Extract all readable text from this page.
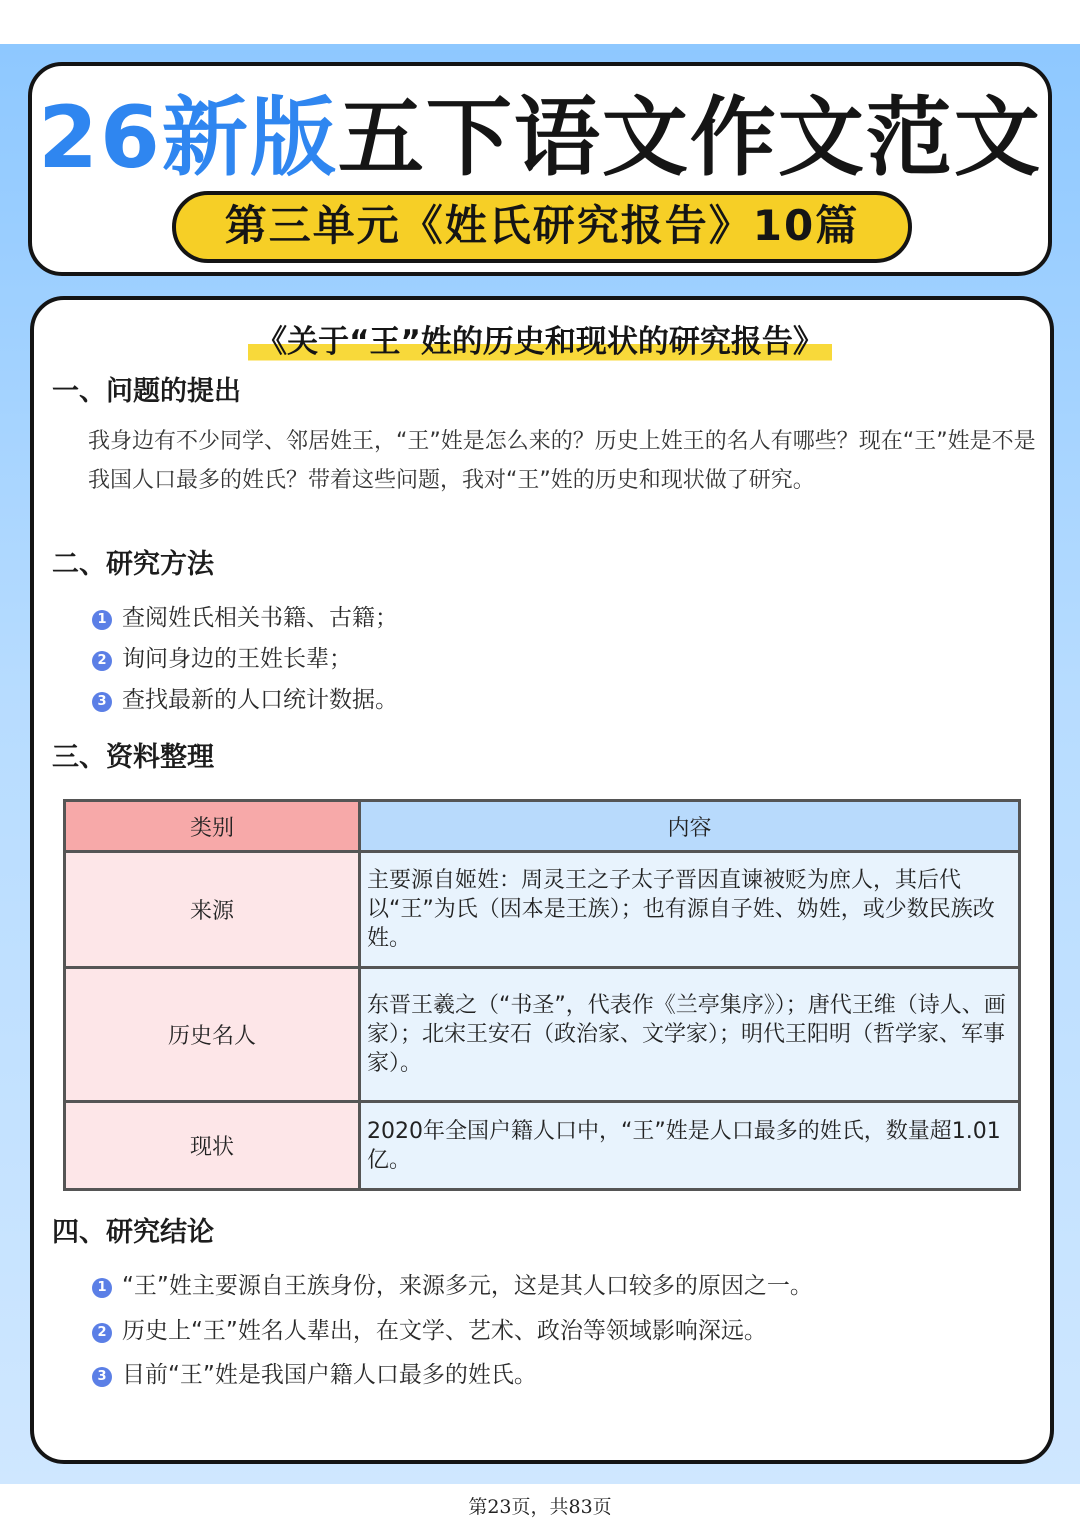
26新版五下语文作文范文
第三单元《姓氏研究报告》10篇
《关于“王”姓的历史和现状的研究报告》
一、问题的提出
我身边有不少同学、邻居姓王，“王”姓是怎么来的？历史上姓王的名人有哪些？现在“王”姓是不是我国人口最多的姓氏？带着这些问题，我对“王”姓的历史和现状做了研究。
二、研究方法
1 查阅姓氏相关书籍、古籍；
2 询问身边的王姓长辈；
3 查找最新的人口统计数据。
三、资料整理
类别	内容
来源	主要源自姬姓：周灵王之子太子晋因直谏被贬为庶人，其后代以“王”为氏（因本是王族）；也有源自子姓、妫姓，或少数民族改姓。
历史名人	东晋王羲之（“书圣”，代表作《兰亭集序》）；唐代王维（诗人、画家）；北宋王安石（政治家、文学家）；明代王阳明（哲学家、军事家）。
现状	2020年全国户籍人口中，“王”姓是人口最多的姓氏，数量超1.01亿。
四、研究结论
1 “王”姓主要源自王族身份，来源多元，这是其人口较多的原因之一。
2 历史上“王”姓名人辈出，在文学、艺术、政治等领域影响深远。
3 目前“王”姓是我国户籍人口最多的姓氏。
第23页，共83页
